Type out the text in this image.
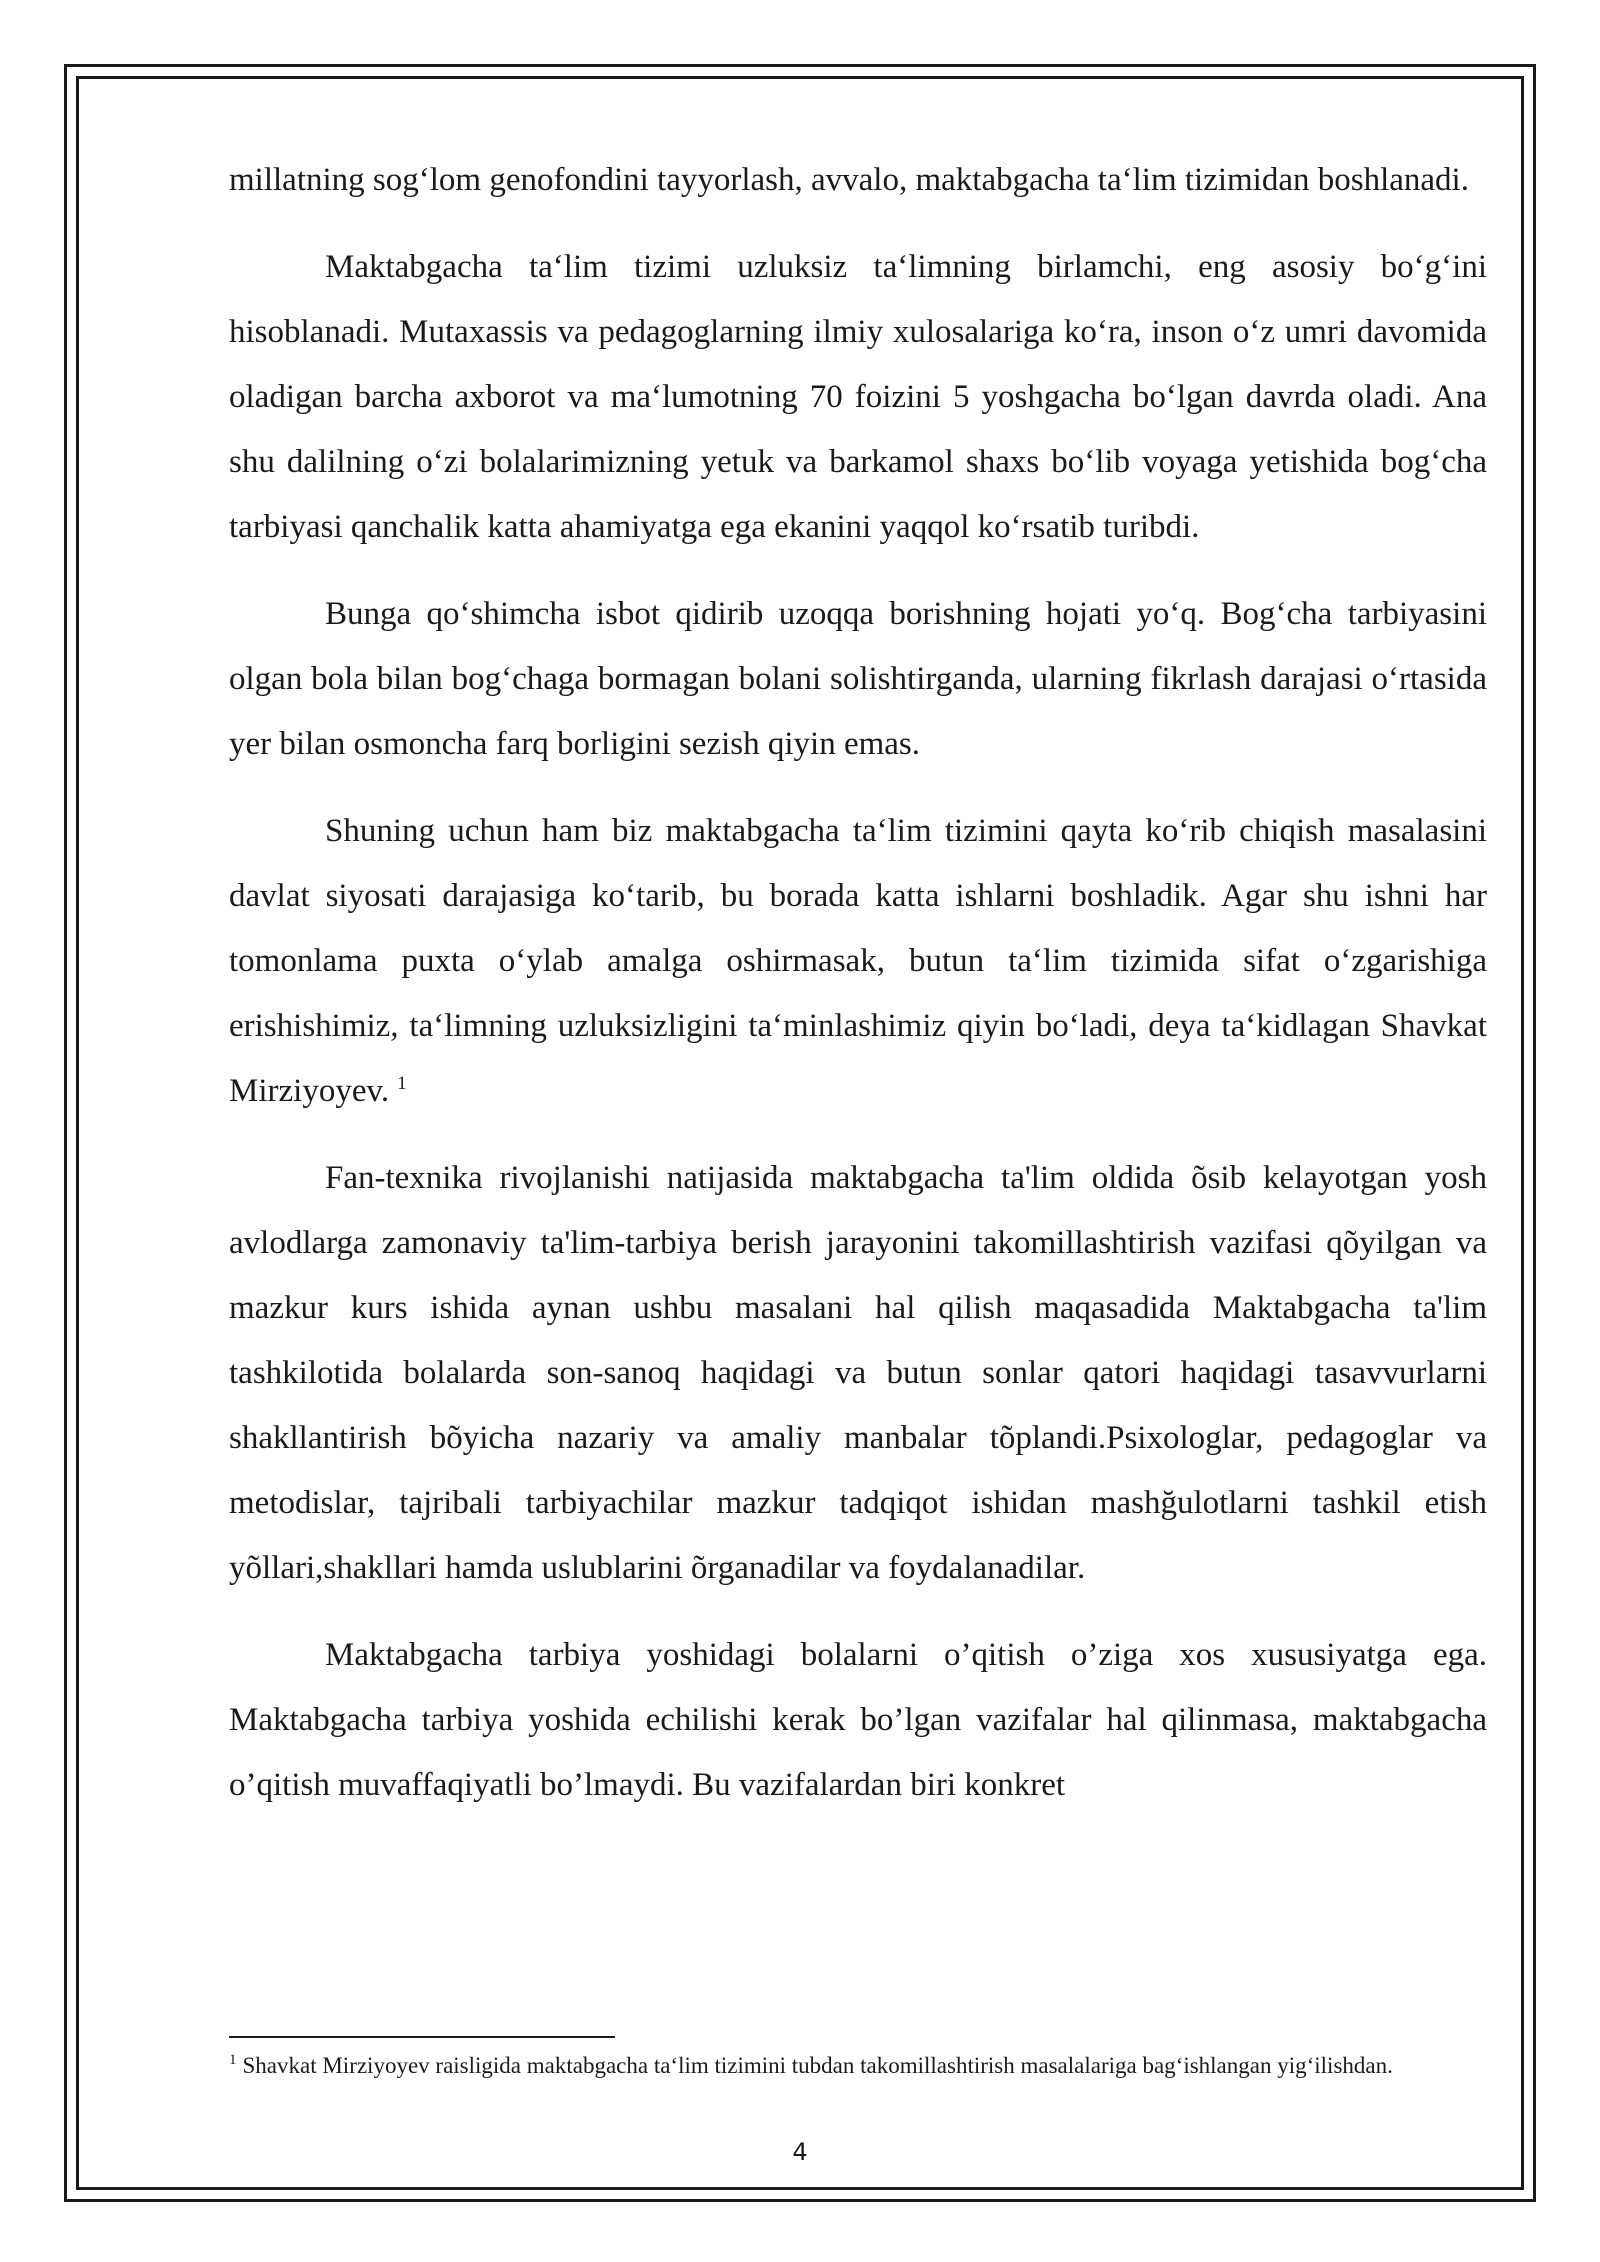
millatning sog‘lom genofondini tayyorlash, avvalo, maktabgacha ta‘lim tizimidan boshlanadi.

Maktabgacha ta‘lim tizimi uzluksiz ta‘limning birlamchi, eng asosiy bo‘g‘ini hisoblanadi. Mutaxassis va pedagoglarning ilmiy xulosalariga ko‘ra, inson o‘z umri davomida oladigan barcha axborot va ma‘lumotning 70 foizini 5 yoshgacha bo‘lgan davrda oladi. Ana shu dalilning o‘zi bolalarimizning yetuk va barkamol shaxs bo‘lib voyaga yetishida bog‘cha tarbiyasi qanchalik katta ahamiyatga ega ekanini yaqqol ko‘rsatib turibdi.

Bunga qo‘shimcha isbot qidirib uzoqqa borishning hojati yo‘q. Bog‘cha tarbiyasini olgan bola bilan bog‘chaga bormagan bolani solishtirganda, ularning fikrlash darajasi o‘rtasida yer bilan osmoncha farq borligini sezish qiyin emas.

Shuning uchun ham biz maktabgacha ta‘lim tizimini qayta ko‘rib chiqish masalasini davlat siyosati darajasiga ko‘tarib, bu borada katta ishlarni boshladik. Agar shu ishni har tomonlama puxta o‘ylab amalga oshirmasak, butun ta‘lim tizimida sifat o‘zgarishiga erishishimiz, ta‘limning uzluksizligini ta‘minlashimiz qiyin bo‘ladi, deya ta‘kidlagan Shavkat Mirziyoyev. $^1$

Fan-texnika rivojlanishi natijasida maktabgacha ta'lim oldida õsib kelayotgan yosh avlodlarga zamonaviy ta'lim-tarbiya berish jarayonini takomillashtirish vazifasi qõyilgan va mazkur kurs ishida aynan ushbu masalani hal qilish maqasadida Maktabgacha ta'lim tashkilotida bolalarda son-sanoq haqidagi va butun sonlar qatori haqidagi tasavvurlarni shakllantirish bõyicha nazariy va amaliy manbalar tõplandi.Psixologlar, pedagoglar va metodislar, tajribali tarbiyachilar mazkur tadqiqot ishidan mashğulotlarni tashkil etish yõllari,shakllari hamda uslublarini õrganadilar va foydalanadilar.

Maktabgacha tarbiya yoshidagi bolalarni o’qitish o’ziga xos xususiyatga ega. Maktabgacha tarbiya yoshida echilishi kerak bo’lgan vazifalar hal qilinmasa, maktabgacha o’qitish muvaffaqiyatli bo’lmaydi. Bu vazifalardan biri konkret

$^1$ Shavkat Mirziyoyev raisligida maktabgacha ta‘lim tizimini tubdan takomillashtirish masalalariga bag‘ishlangan yig‘ilishdan.
4
